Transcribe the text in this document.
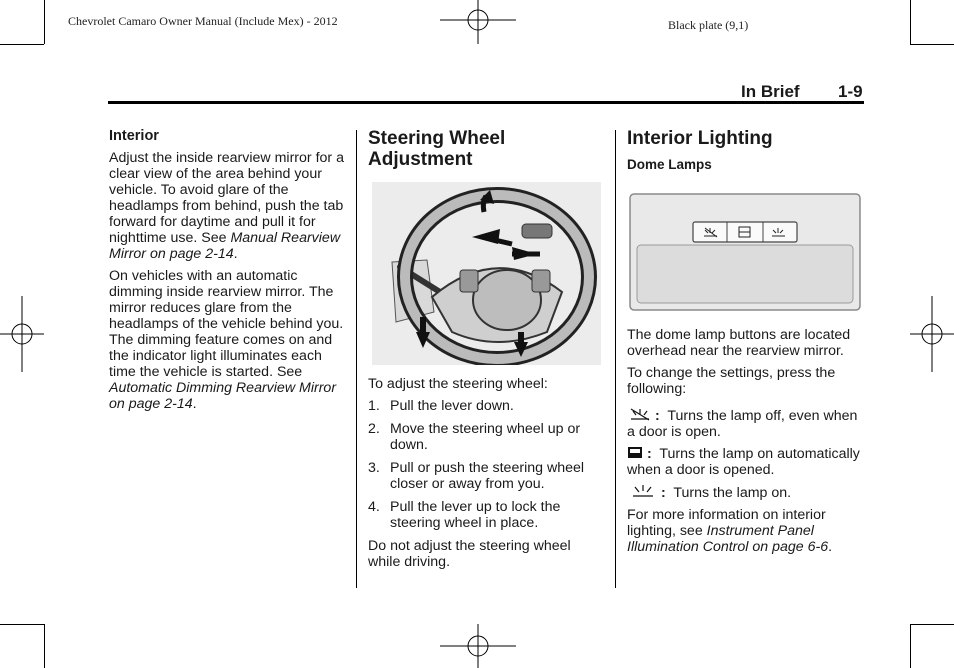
Chevrolet Camaro Owner Manual (Include Mex) - 2012	Black plate (9,1)
In Brief 1-9
Interior

Adjust the inside rearview mirror for a clear view of the area behind your vehicle. To avoid glare of the headlamps from behind, push the tab forward for daytime and pull it for nighttime use. See Manual Rearview Mirror on page 2-14.

On vehicles with an automatic dimming inside rearview mirror. The mirror reduces glare from the headlamps of the vehicle behind you. The dimming feature comes on and the indicator light illuminates each time the vehicle is started. See Automatic Dimming Rearview Mirror on page 2-14.

Steering Wheel Adjustment

To adjust the steering wheel:

1. Pull the lever down.
2. Move the steering wheel up or down.
3. Pull or push the steering wheel closer or away from you.
4. Pull the lever up to lock the steering wheel in place.

Do not adjust the steering wheel while driving.

Interior Lighting
Dome Lamps

The dome lamp buttons are located overhead near the rearview mirror.

To change the settings, press the following:

: Turns the lamp off, even when a door is open.

: Turns the lamp on automatically when a door is opened.

: Turns the lamp on.

For more information on interior lighting, see Instrument Panel Illumination Control on page 6-6.
